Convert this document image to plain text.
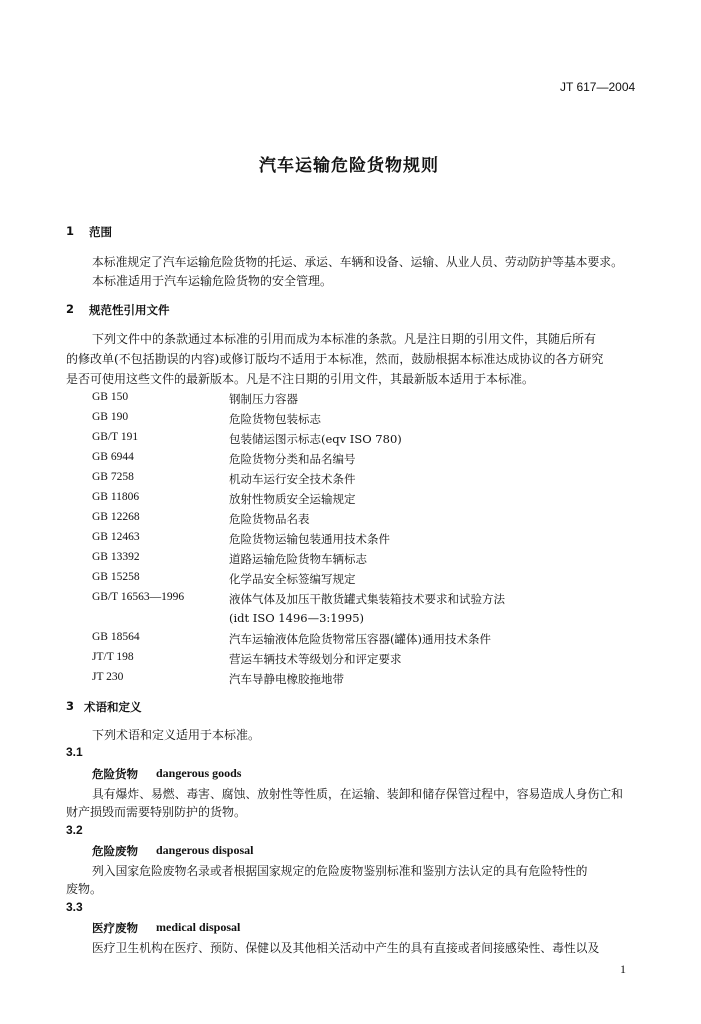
JT 617—2004
汽车运输危险货物规则
1 范围
本标准规定了汽车运输危险货物的托运、承运、车辆和设备、运输、从业人员、劳动防护等基本要求。
本标准适用于汽车运输危险货物的安全管理。
2 规范性引用文件
下列文件中的条款通过本标准的引用而成为本标准的条款。凡是注日期的引用文件，其随后所有
的修改单(不包括勘误的内容)或修订版均不适用于本标准，然而，鼓励根据本标准达成协议的各方研究
是否可使用这些文件的最新版本。凡是不注日期的引用文件，其最新版本适用于本标准。
GB 150	钢制压力容器
GB 190	危险货物包装标志
GB/T 191	包装储运图示标志(eqv ISO 780)
GB 6944	危险货物分类和品名编号
GB 7258	机动车运行安全技术条件
GB 11806	放射性物质安全运输规定
GB 12268	危险货物品名表
GB 12463	危险货物运输包装通用技术条件
GB 13392	道路运输危险货物车辆标志
GB 15258	化学品安全标签编写规定
GB/T 16563—1996	液体气体及加压干散货罐式集装箱技术要求和试验方法
(idt ISO 1496—3:1995)
GB 18564	汽车运输液体危险货物常压容器(罐体)通用技术条件
JT/T 198	营运车辆技术等级划分和评定要求
JT 230	汽车导静电橡胶拖地带
3 术语和定义
下列术语和定义适用于本标准。
3.1
危险货物 dangerous goods
具有爆炸、易燃、毒害、腐蚀、放射性等性质，在运输、装卸和储存保管过程中，容易造成人身伤亡和
财产损毁而需要特别防护的货物。
3.2
危险废物 dangerous disposal
列入国家危险废物名录或者根据国家规定的危险废物鉴别标准和鉴别方法认定的具有危险特性的
废物。
3.3
医疗废物 medical disposal
医疗卫生机构在医疗、预防、保健以及其他相关活动中产生的具有直接或者间接感染性、毒性以及
1
